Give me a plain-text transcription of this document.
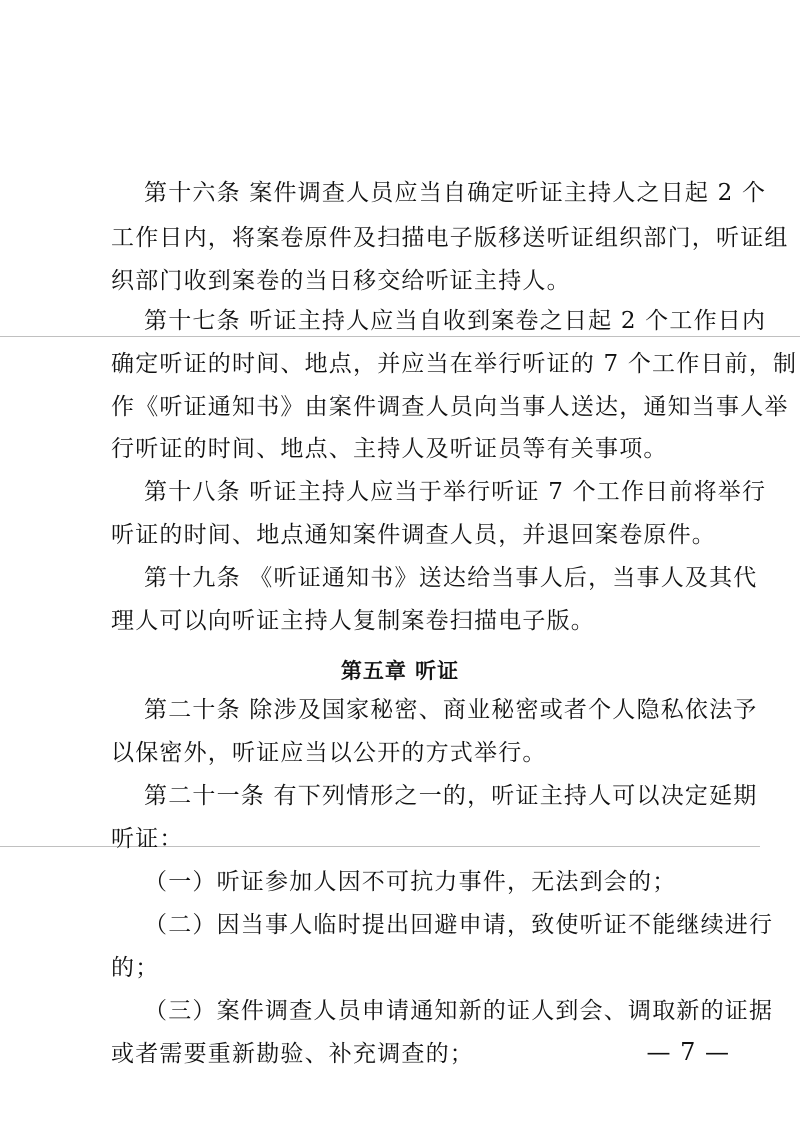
第十六条 案件调查人员应当自确定听证主持人之日起 2 个
工作日内，将案卷原件及扫描电子版移送听证组织部门，听证组
织部门收到案卷的当日移交给听证主持人。
第十七条 听证主持人应当自收到案卷之日起 2 个工作日内
确定听证的时间、地点，并应当在举行听证的 7 个工作日前，制
作《听证通知书》由案件调查人员向当事人送达，通知当事人举
行听证的时间、地点、主持人及听证员等有关事项。
第十八条 听证主持人应当于举行听证 7 个工作日前将举行
听证的时间、地点通知案件调查人员，并退回案卷原件。
第十九条 《听证通知书》送达给当事人后，当事人及其代
理人可以向听证主持人复制案卷扫描电子版。
第五章 听证
第二十条 除涉及国家秘密、商业秘密或者个人隐私依法予
以保密外，听证应当以公开的方式举行。
第二十一条 有下列情形之一的，听证主持人可以决定延期
听证：
（一）听证参加人因不可抗力事件，无法到会的；
（二）因当事人临时提出回避申请，致使听证不能继续进行
的；
（三）案件调查人员申请通知新的证人到会、调取新的证据
或者需要重新勘验、补充调查的；	— 7 —
